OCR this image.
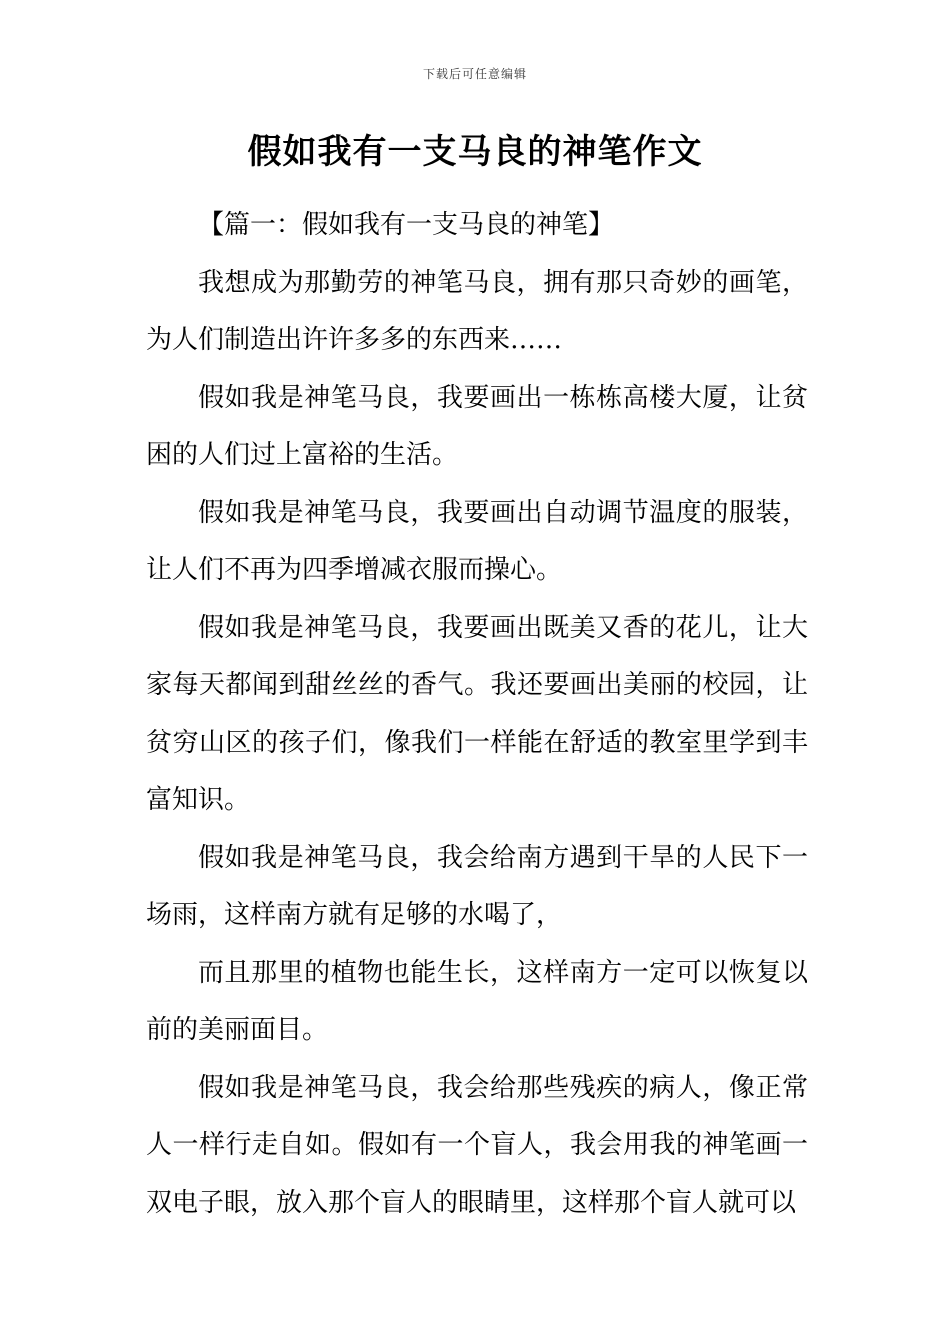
下载后可任意编辑
假如我有一支马良的神笔作文

【篇一：假如我有一支马良的神笔】

我想成为那勤劳的神笔马良，拥有那只奇妙的画笔，为人们制造出许许多多的东西来……

假如我是神笔马良，我要画出一栋栋高楼大厦，让贫困的人们过上富裕的生活。

假如我是神笔马良，我要画出自动调节温度的服装，让人们不再为四季增减衣服而操心。

假如我是神笔马良，我要画出既美又香的花儿，让大家每天都闻到甜丝丝的香气。我还要画出美丽的校园，让贫穷山区的孩子们，像我们一样能在舒适的教室里学到丰富知识。

假如我是神笔马良，我会给南方遇到干旱的人民下一场雨，这样南方就有足够的水喝了，

而且那里的植物也能生长，这样南方一定可以恢复以前的美丽面目。

假如我是神笔马良，我会给那些残疾的病人，像正常人一样行走自如。假如有一个盲人，我会用我的神笔画一双电子眼，放入那个盲人的眼睛里，这样那个盲人就可以
